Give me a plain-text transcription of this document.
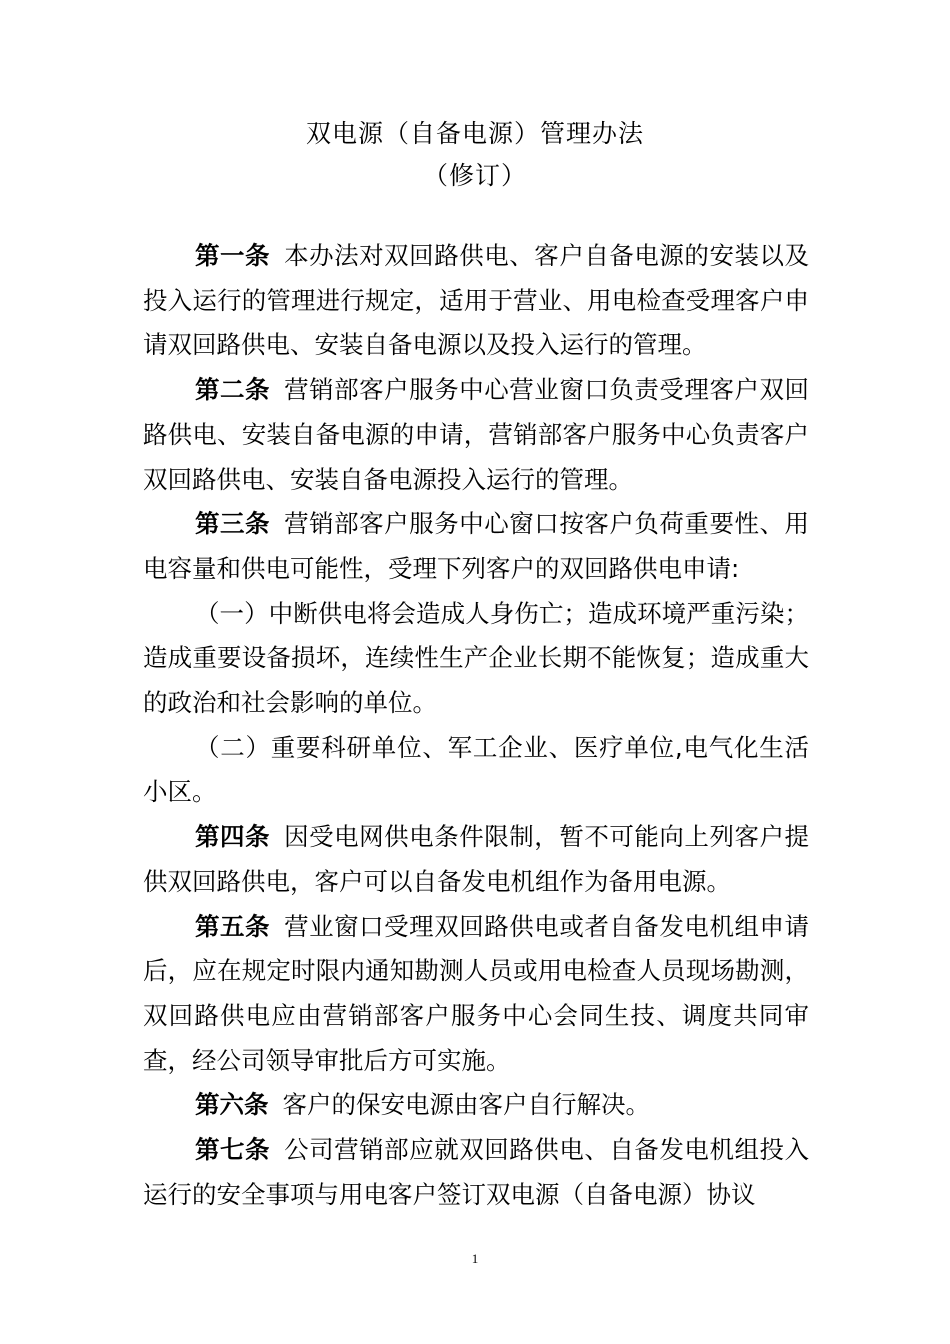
双电源（自备电源）管理办法
（修订）

第一条 本办法对双回路供电、客户自备电源的安装以及投入运行的管理进行规定，适用于营业、用电检查受理客户申请双回路供电、安装自备电源以及投入运行的管理。

第二条 营销部客户服务中心营业窗口负责受理客户双回路供电、安装自备电源的申请，营销部客户服务中心负责客户双回路供电、安装自备电源投入运行的管理。

第三条 营销部客户服务中心窗口按客户负荷重要性、用电容量和供电可能性，受理下列客户的双回路供电申请:

（一）中断供电将会造成人身伤亡；造成环境严重污染；造成重要设备损坏，连续性生产企业长期不能恢复；造成重大的政治和社会影响的单位。

（二）重要科研单位、军工企业、医疗单位,电气化生活小区。

第四条 因受电网供电条件限制，暂不可能向上列客户提供双回路供电，客户可以自备发电机组作为备用电源。

第五条 营业窗口受理双回路供电或者自备发电机组申请后，应在规定时限内通知勘测人员或用电检查人员现场勘测，双回路供电应由营销部客户服务中心会同生技、调度共同审查，经公司领导审批后方可实施。

第六条 客户的保安电源由客户自行解决。

第七条 公司营销部应就双回路供电、自备发电机组投入运行的安全事项与用电客户签订双电源（自备电源）协议

1
